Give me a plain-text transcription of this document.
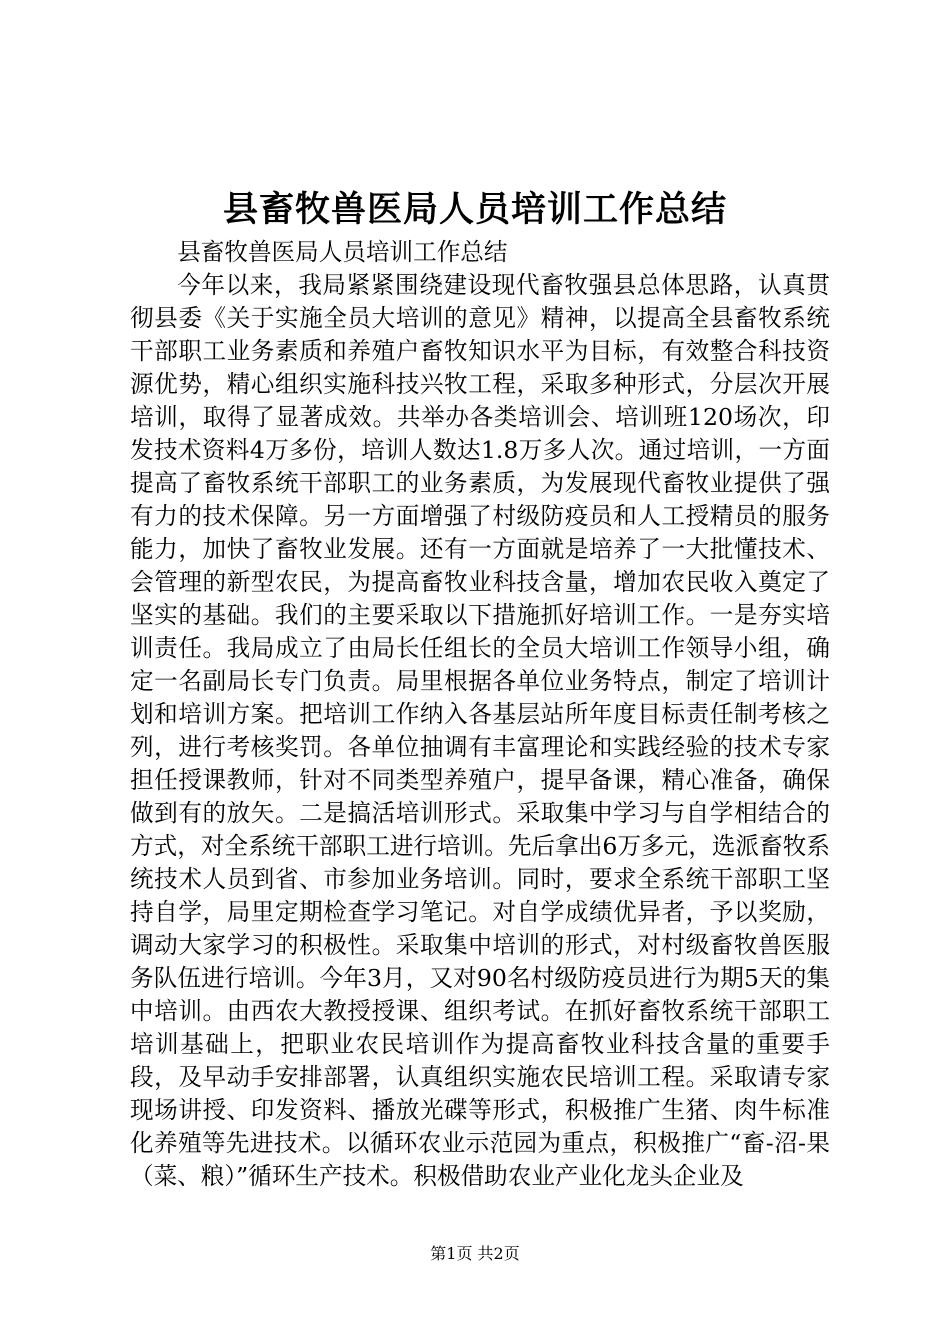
县畜牧兽医局人员培训工作总结

县畜牧兽医局人员培训工作总结

今年以来，我局紧紧围绕建设现代畜牧强县总体思路，认真贯彻县委《关于实施全员大培训的意见》精神，以提高全县畜牧系统干部职工业务素质和养殖户畜牧知识水平为目标，有效整合科技资源优势，精心组织实施科技兴牧工程，采取多种形式，分层次开展培训，取得了显著成效。共举办各类培训会、培训班120场次，印发技术资料4万多份，培训人数达1.8万多人次。通过培训，一方面提高了畜牧系统干部职工的业务素质，为发展现代畜牧业提供了强有力的技术保障。另一方面增强了村级防疫员和人工授精员的服务能力，加快了畜牧业发展。还有一方面就是培养了一大批懂技术、会管理的新型农民，为提高畜牧业科技含量，增加农民收入奠定了坚实的基础。我们的主要采取以下措施抓好培训工作。一是夯实培训责任。我局成立了由局长任组长的全员大培训工作领导小组，确定一名副局长专门负责。局里根据各单位业务特点，制定了培训计划和培训方案。把培训工作纳入各基层站所年度目标责任制考核之列，进行考核奖罚。各单位抽调有丰富理论和实践经验的技术专家担任授课教师，针对不同类型养殖户，提早备课，精心准备，确保做到有的放矢。二是搞活培训形式。采取集中学习与自学相结合的方式，对全系统干部职工进行培训。先后拿出6万多元，选派畜牧系统技术人员到省、市参加业务培训。同时，要求全系统干部职工坚持自学，局里定期检查学习笔记。对自学成绩优异者，予以奖励，调动大家学习的积极性。采取集中培训的形式，对村级畜牧兽医服务队伍进行培训。今年3月，又对90名村级防疫员进行为期5天的集中培训。由西农大教授授课、组织考试。在抓好畜牧系统干部职工培训基础上，把职业农民培训作为提高畜牧业科技含量的重要手段，及早动手安排部署，认真组织实施农民培训工程。采取请专家现场讲授、印发资料、播放光碟等形式，积极推广生猪、肉牛标准化养殖等先进技术。以循环农业示范园为重点，积极推广“畜-沼-果（菜、粮）”循环生产技术。积极借助农业产业化龙头企业及

第1页 共2页
